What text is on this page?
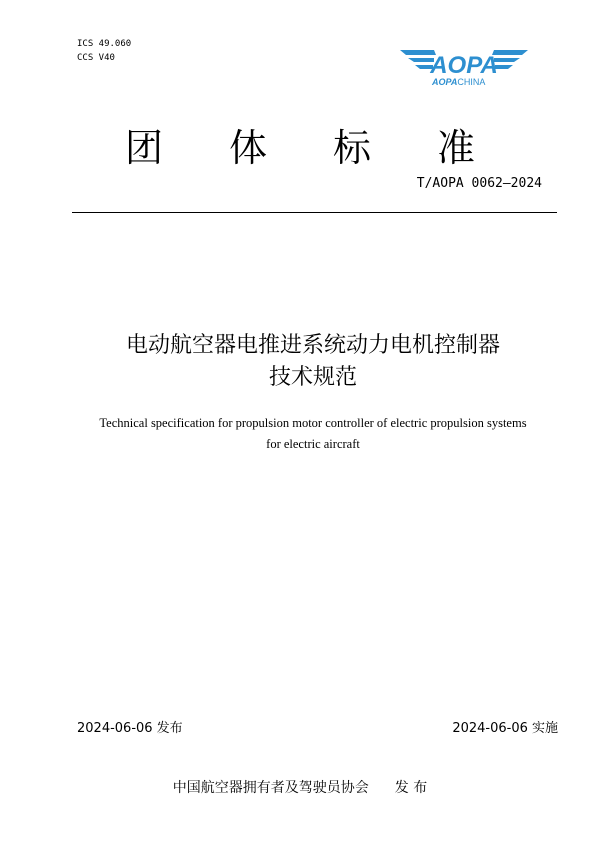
ICS 49.060
CCS V40	AOPA
AOPACHINA
团体标准
T/AOPA 0062—2024
电动航空器电推进系统动力电机控制器
技术规范
Technical specification for propulsion motor controller of electric propulsion systems
for electric aircraft
2024-06-06 发布	2024-06-06 实施
中国航空器拥有者及驾驶员协会 发 布
